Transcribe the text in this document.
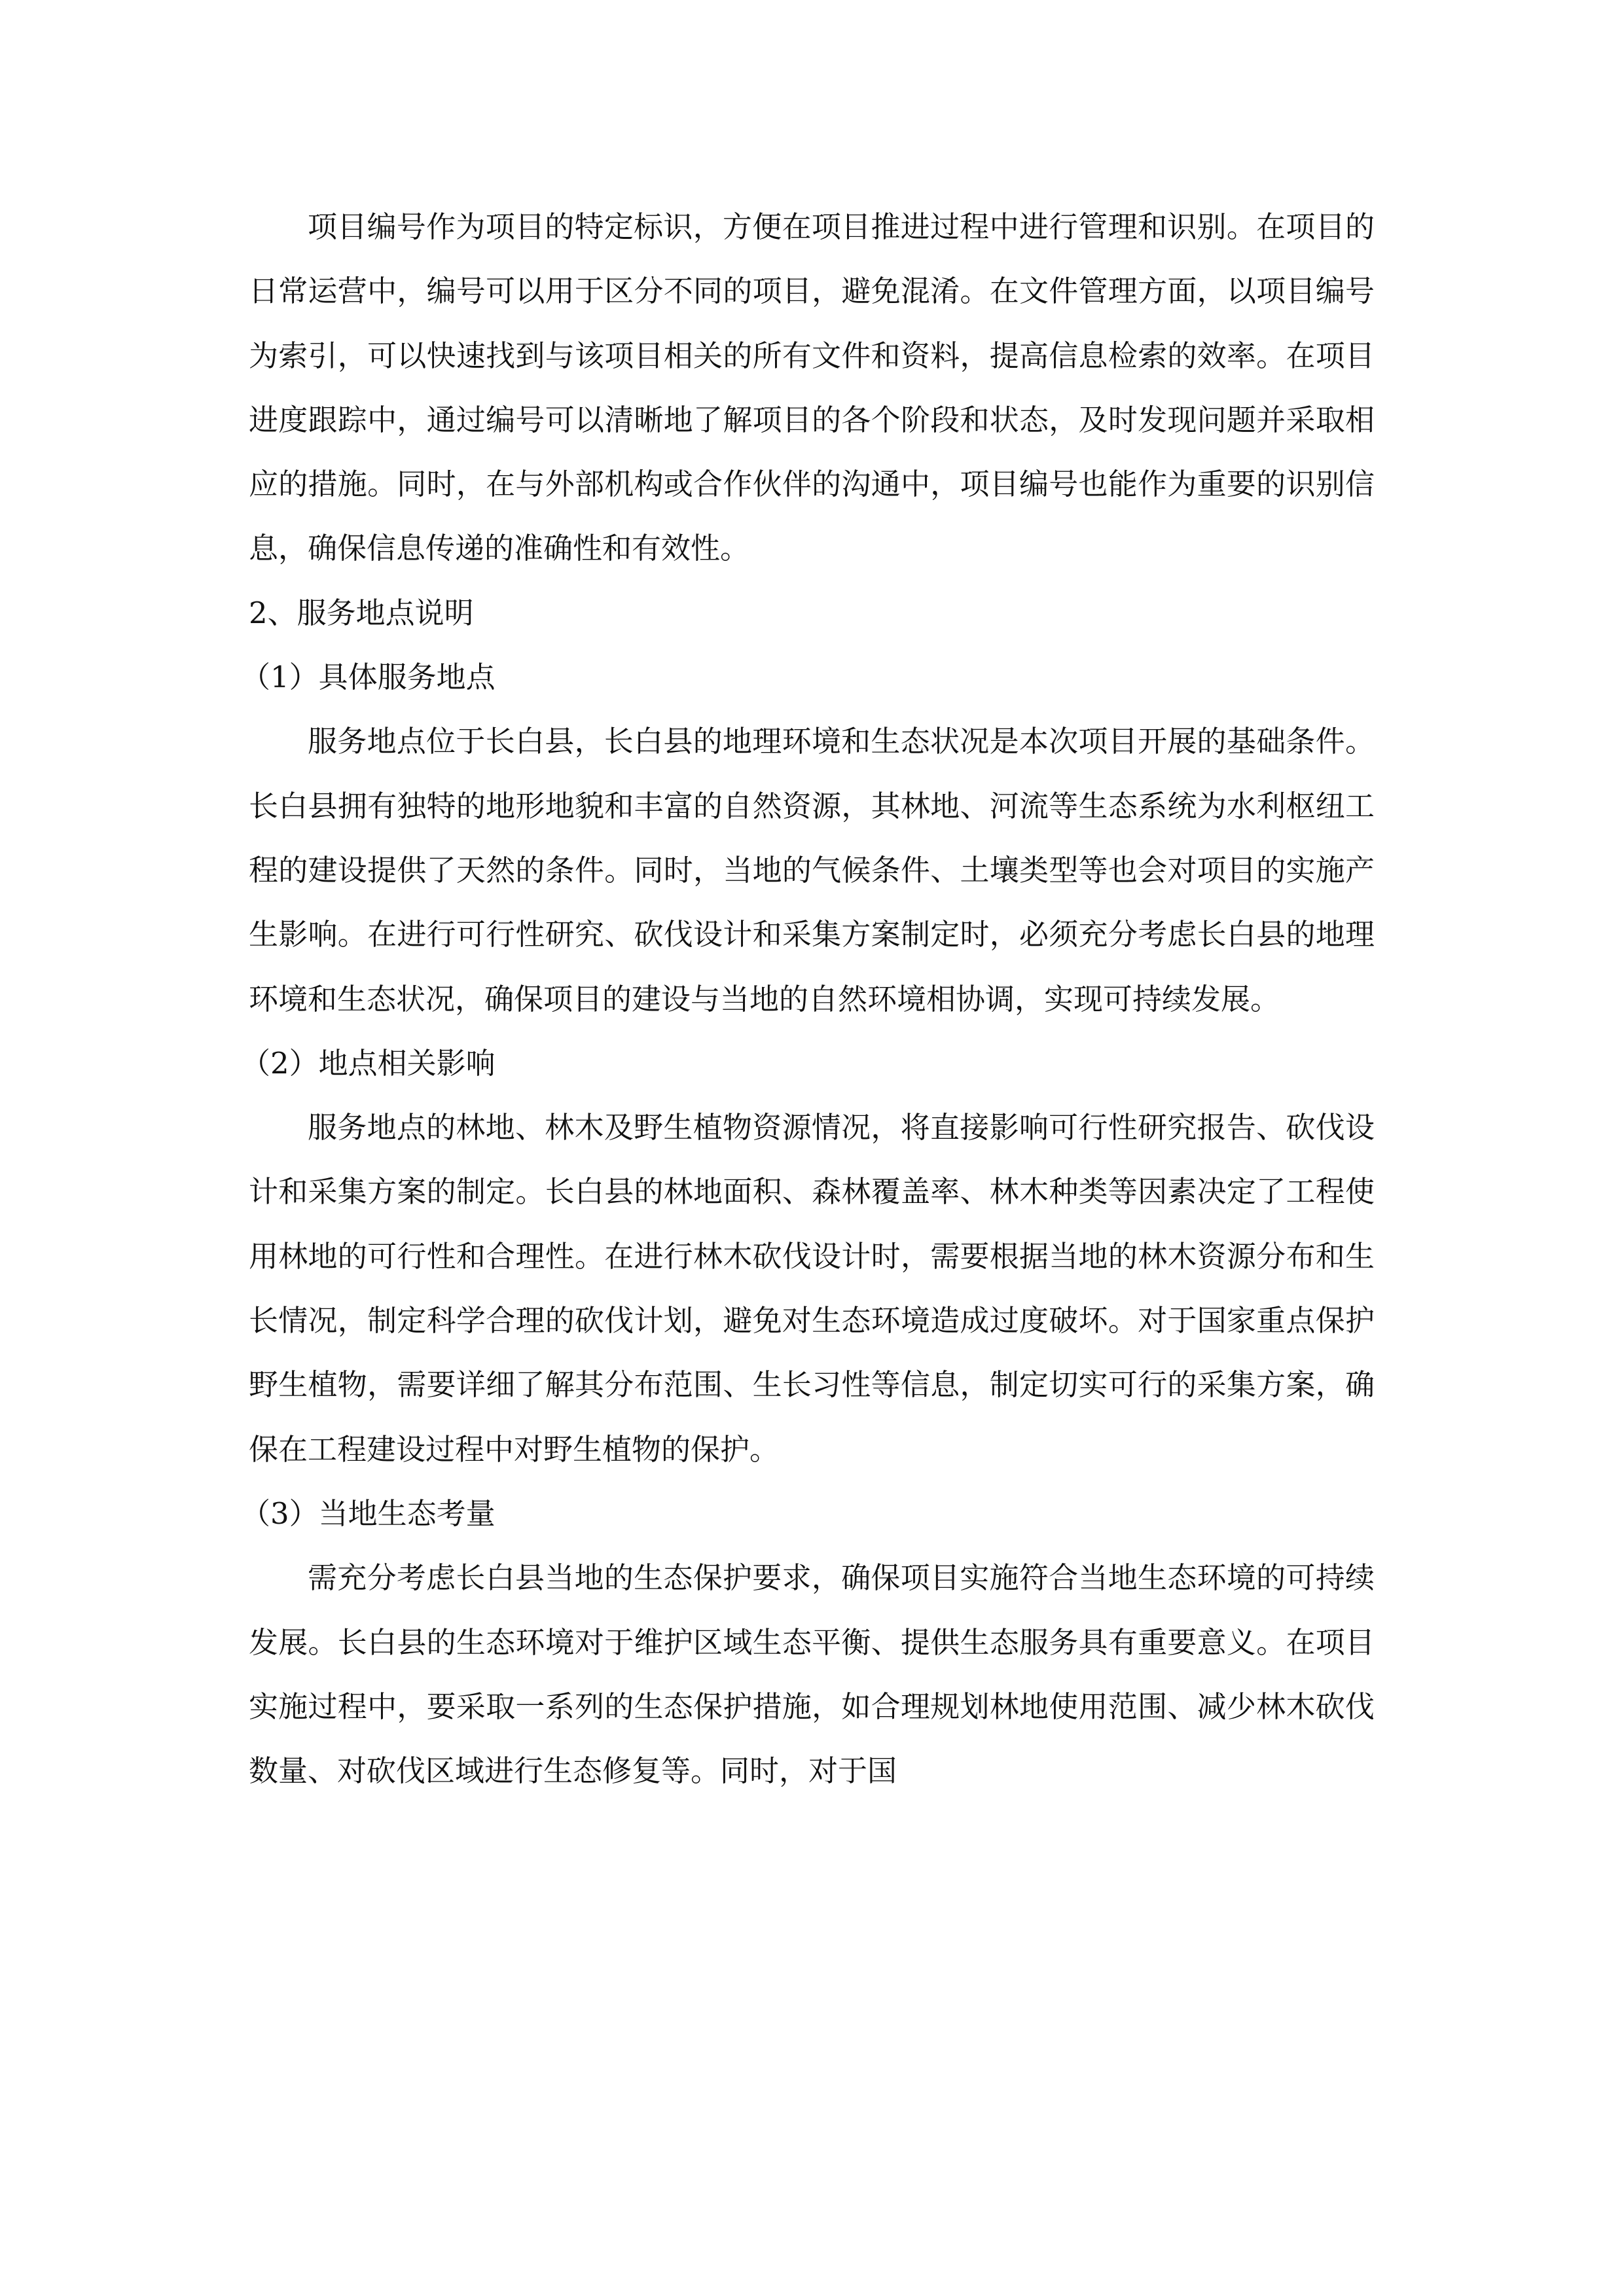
项目编号作为项目的特定标识，方便在项目推进过程中进行管理和识别。在项目的日常运营中，编号可以用于区分不同的项目，避免混淆。在文件管理方面，以项目编号为索引，可以快速找到与该项目相关的所有文件和资料，提高信息检索的效率。在项目进度跟踪中，通过编号可以清晰地了解项目的各个阶段和状态，及时发现问题并采取相应的措施。同时，在与外部机构或合作伙伴的沟通中，项目编号也能作为重要的识别信息，确保信息传递的准确性和有效性。

2、服务地点说明

（1）具体服务地点

服务地点位于长白县，长白县的地理环境和生态状况是本次项目开展的基础条件。长白县拥有独特的地形地貌和丰富的自然资源，其林地、河流等生态系统为水利枢纽工程的建设提供了天然的条件。同时，当地的气候条件、土壤类型等也会对项目的实施产生影响。在进行可行性研究、砍伐设计和采集方案制定时，必须充分考虑长白县的地理环境和生态状况，确保项目的建设与当地的自然环境相协调，实现可持续发展。

（2）地点相关影响

服务地点的林地、林木及野生植物资源情况，将直接影响可行性研究报告、砍伐设计和采集方案的制定。长白县的林地面积、森林覆盖率、林木种类等因素决定了工程使用林地的可行性和合理性。在进行林木砍伐设计时，需要根据当地的林木资源分布和生长情况，制定科学合理的砍伐计划，避免对生态环境造成过度破坏。对于国家重点保护野生植物，需要详细了解其分布范围、生长习性等信息，制定切实可行的采集方案，确保在工程建设过程中对野生植物的保护。

（3）当地生态考量

需充分考虑长白县当地的生态保护要求，确保项目实施符合当地生态环境的可持续发展。长白县的生态环境对于维护区域生态平衡、提供生态服务具有重要意义。在项目实施过程中，要采取一系列的生态保护措施，如合理规划林地使用范围、减少林木砍伐数量、对砍伐区域进行生态修复等。同时，对于国
